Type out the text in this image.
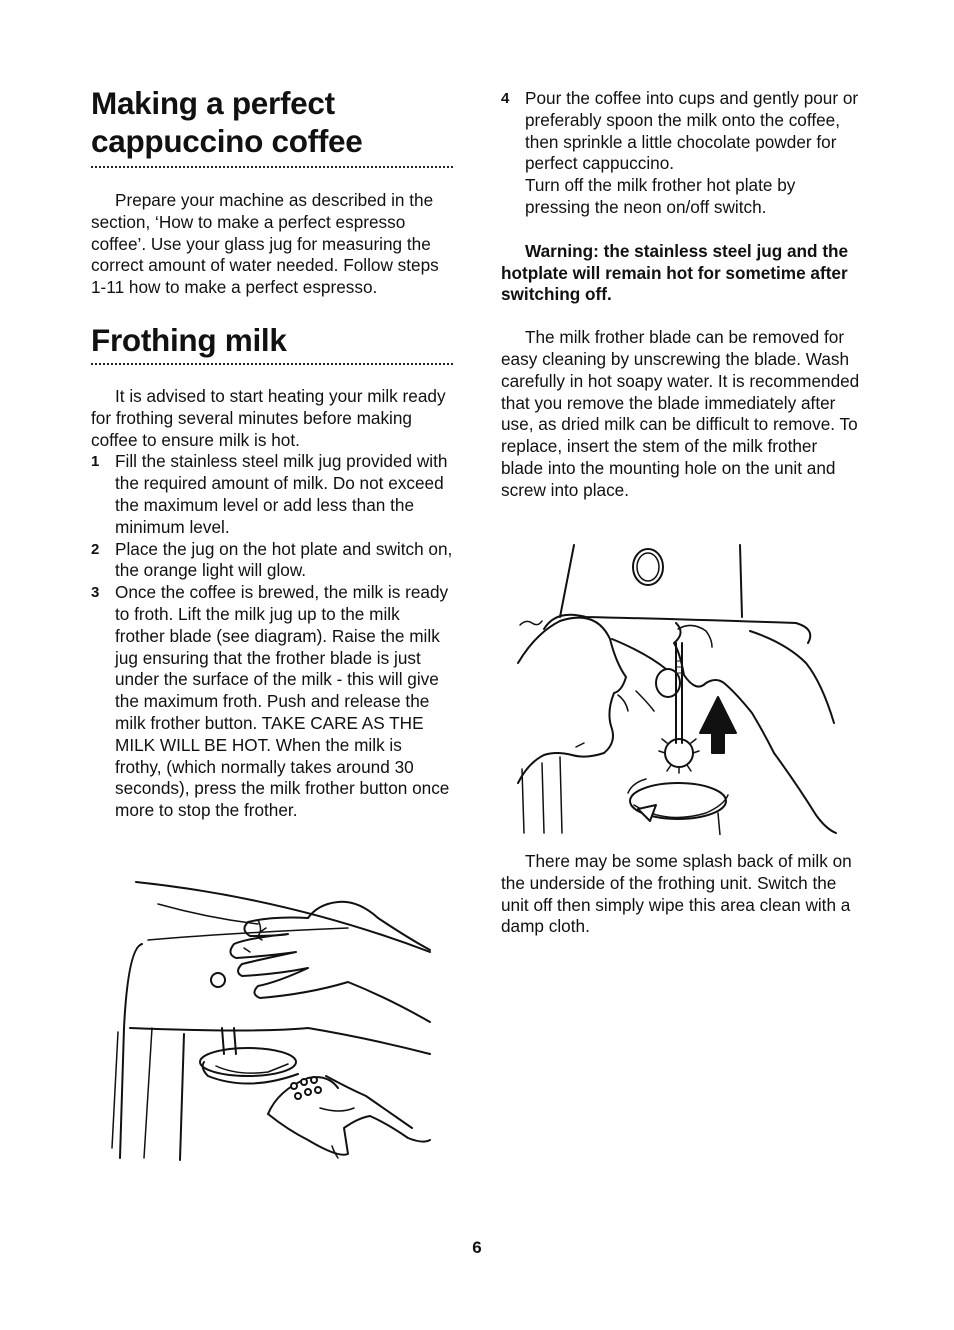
Making a perfect
cappuccino coffee

Prepare your machine as described in the section, ‘How to make a perfect espresso coffee’. Use your glass jug for measuring the correct amount of water needed. Follow steps 1-11 how to make a perfect espresso.

Frothing milk

It is advised to start heating your milk ready for frothing several minutes before making coffee to ensure milk is hot.

1 Fill the stainless steel milk jug provided with the required amount of milk. Do not exceed the maximum level or add less than the minimum level.
2 Place the jug on the hot plate and switch on, the orange light will glow.
3 Once the coffee is brewed, the milk is ready to froth. Lift the milk jug up to the milk frother blade (see diagram). Raise the milk jug ensuring that the frother blade is just under the surface of the milk - this will give the maximum froth. Push and release the milk frother button. TAKE CARE AS THE MILK WILL BE HOT. When the milk is frothy, (which normally takes around 30 seconds), press the milk frother button once more to stop the frother.
4 Pour the coffee into cups and gently pour or preferably spoon the milk onto the coffee, then sprinkle a little chocolate powder for perfect cappuccino.
Turn off the milk frother hot plate by pressing the neon on/off switch.

Warning: the stainless steel jug and the hotplate will remain hot for sometime after switching off.

The milk frother blade can be removed for easy cleaning by unscrewing the blade. Wash carefully in hot soapy water. It is recommended that you remove the blade immediately after use, as dried milk can be difficult to remove. To replace, insert the stem of the milk frother blade into the mounting hole on the unit and screw into place.

There may be some splash back of milk on the underside of the frothing unit. Switch the unit off then simply wipe this area clean with a damp cloth.

6
